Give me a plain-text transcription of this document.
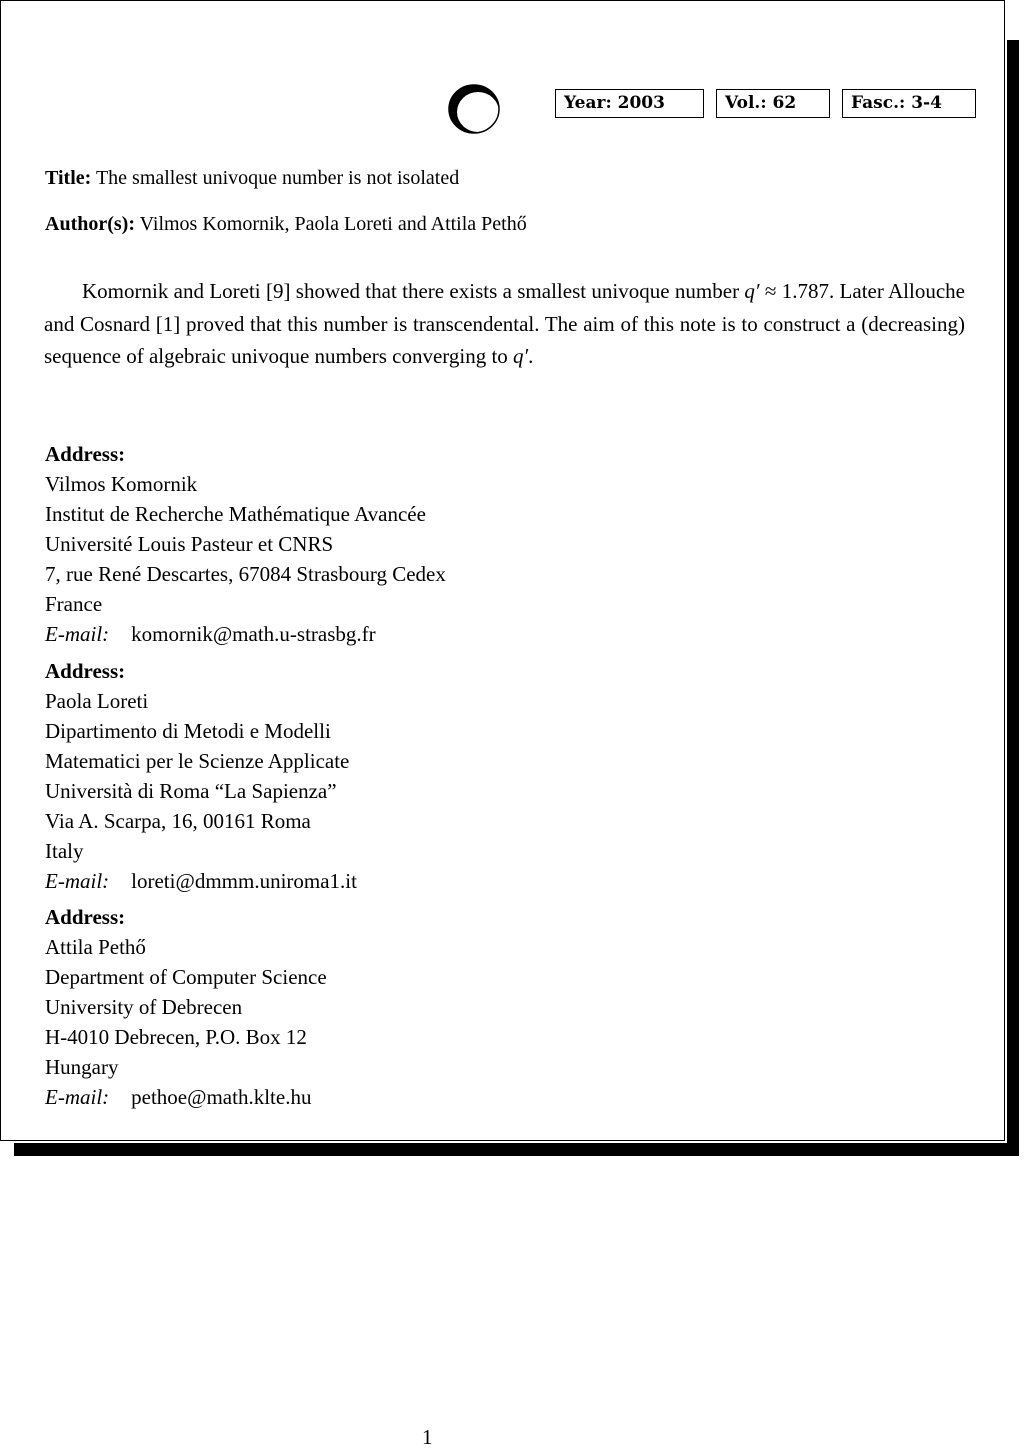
Year: 2003	Vol.: 62	Fasc.: 3-4
Title: The smallest univoque number is not isolated
Author(s): Vilmos Komornik, Paola Loreti and Attila Pethő
Komornik and Loreti [9] showed that there exists a smallest univoque number q′ ≈ 1.787. Later Allouche and Cosnard [1] proved that this number is transcendental. The aim of this note is to construct a (decreasing) sequence of algebraic univoque numbers converging to q′.
Address:
Vilmos Komornik
Institut de Recherche Mathématique Avancée
Université Louis Pasteur et CNRS
7, rue René Descartes, 67084 Strasbourg Cedex
France
E-mail: komornik@math.u-strasbg.fr
Address:
Paola Loreti
Dipartimento di Metodi e Modelli
Matematici per le Scienze Applicate
Università di Roma “La Sapienza”
Via A. Scarpa, 16, 00161 Roma
Italy
E-mail: loreti@dmmm.uniroma1.it
Address:
Attila Pethő
Department of Computer Science
University of Debrecen
H-4010 Debrecen, P.O. Box 12
Hungary
E-mail: pethoe@math.klte.hu
1
